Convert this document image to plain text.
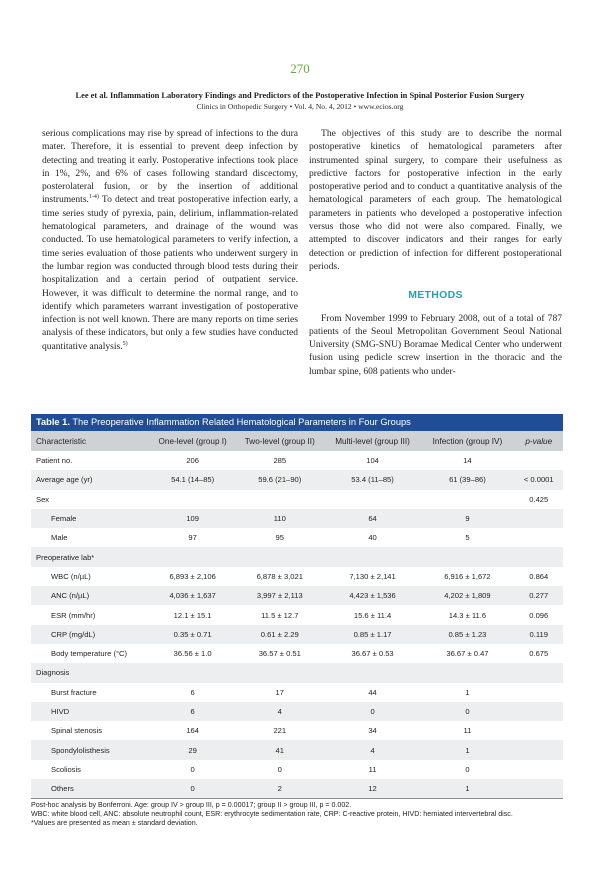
270
Lee et al. Inflammation Laboratory Findings and Predictors of the Postoperative Infection in Spinal Posterior Fusion Surgery
Clinics in Orthopedic Surgery • Vol. 4, No. 4, 2012 • www.ecios.org

serious complications may rise by spread of infections to the dura mater. Therefore, it is essential to prevent deep infection by detecting and treating it early. Postoperative infections took place in 1%, 2%, and 6% of cases following standard discectomy, posterolateral fusion, or by the insertion of additional instruments.$^{1-4)}$ To detect and treat postoperative infection early, a time series study of pyrexia, pain, delirium, inflammation-related hematological parameters, and drainage of the wound was conducted. To use hematological parameters to verify infection, a time series evaluation of those patients who underwent surgery in the lumbar region was conducted through blood tests during their hospitalization and a certain period of outpatient service. However, it was difficult to determine the normal range, and to identify which parameters warrant investigation of postoperative infection is not well known. There are many reports on time series analysis of these indicators, but only a few studies have conducted quantitative analysis.$^{5)}$

The objectives of this study are to describe the normal postoperative kinetics of hematological parameters after instrumented spinal surgery, to compare their usefulness as predictive factors for postoperative infection in the early postoperative period and to conduct a quantitative analysis of the hematological parameters of each group. The hematological parameters in patients who developed a postoperative infection versus those who did not were also compared. Finally, we attempted to discover indicators and their ranges for early detection or prediction of infection for different postoperational periods.

METHODS

From November 1999 to February 2008, out of a total of 787 patients of the Seoul Metropolitan Government Seoul National University (SMG-SNU) Boramae Medical Center who underwent fusion using pedicle screw insertion in the thoracic and the lumbar spine, 608 patients who under-

Table 1. The Preoperative Inflammation Related Hematological Parameters in Four Groups
Characteristic	One-level (group I)	Two-level (group II)	Multi-level (group III)	Infection (group IV)	p-value
Patient no.	206	285	104	14	
Average age (yr)	54.1 (14–85)	59.6 (21–90)	53.4 (11–85)	61 (39–86)	< 0.0001
Sex					0.425
Female	109	110	64	9	
Male	97	95	40	5	
Preoperative lab*					
WBC (n/µL)	6,893 ± 2,106	6,878 ± 3,021	7,130 ± 2,141	6,916 ± 1,672	0.864
ANC (n/µL)	4,036 ± 1,637	3,997 ± 2,113	4,423 ± 1,536	4,202 ± 1,809	0.277
ESR (mm/hr)	12.1 ± 15.1	11.5 ± 12.7	15.6 ± 11.4	14.3 ± 11.6	0.096
CRP (mg/dL)	0.35 ± 0.71	0.61 ± 2.29	0.85 ± 1.17	0.85 ± 1.23	0.119
Body temperature (°C)	36.56 ± 1.0	36.57 ± 0.51	36.67 ± 0.53	36.67 ± 0.47	0.675
Diagnosis					
Burst fracture	6	17	44	1	
HIVD	6	4	0	0	
Spinal stenosis	164	221	34	11	
Spondylolisthesis	29	41	4	1	
Scoliosis	0	0	11	0	
Others	0	2	12	1	
Post-hoc analysis by Bonferroni. Age: group IV > group III, p = 0.00017; group II > group III, p = 0.002.
WBC: white blood cell, ANC: absolute neutrophil count, ESR: erythrocyte sedimentation rate, CRP: C-reactive protein, HIVD: herniated intervertebral disc.
*Values are presented as mean ± standard deviation.
